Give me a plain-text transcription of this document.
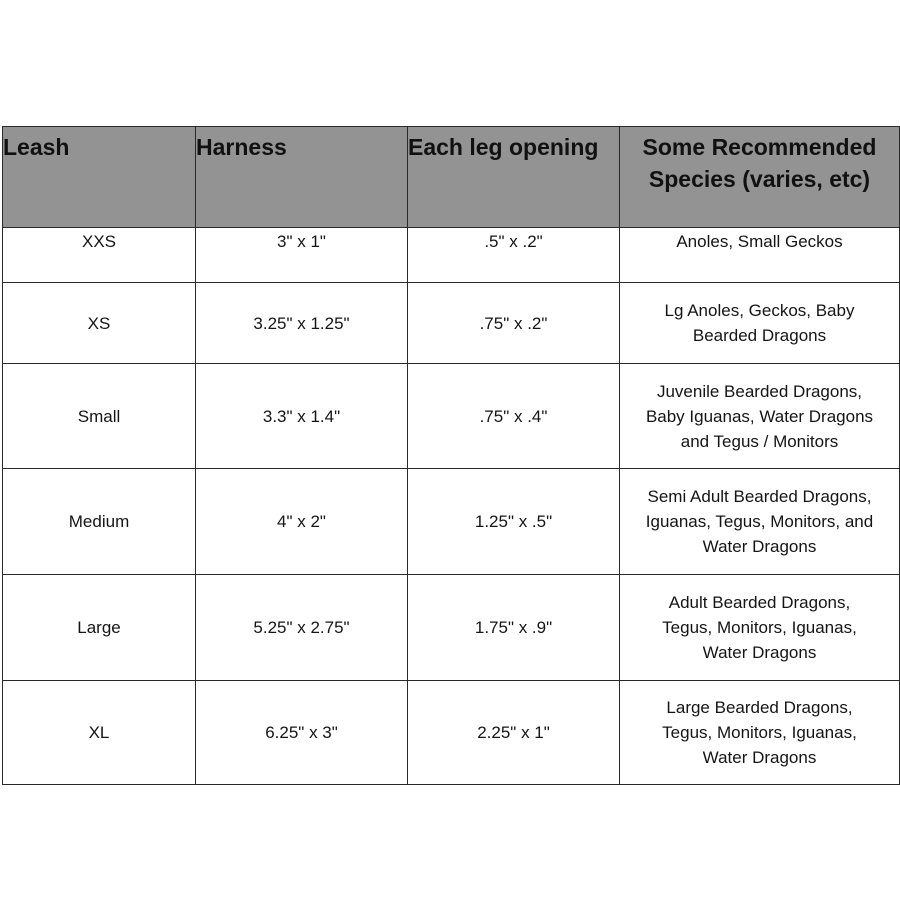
Leash	Harness	Each leg opening	Some Recommended
Species (varies, etc)

XXS	3" x 1"	.5" x .2"	Anoles, Small Geckos

XS	3.25" x 1.25"	.75" x .2"	Lg Anoles, Geckos, Baby
Bearded Dragons

Small	3.3" x 1.4"	.75" x .4"	Juvenile Bearded Dragons,
Baby Iguanas, Water Dragons
and Tegus / Monitors

Medium	4" x 2"	1.25" x .5"	Semi Adult Bearded Dragons,
Iguanas, Tegus, Monitors, and
Water Dragons

Large	5.25" x 2.75"	1.75" x .9"	Adult Bearded Dragons,
Tegus, Monitors, Iguanas,
Water Dragons

XL	6.25" x 3"	2.25" x 1"	Large Bearded Dragons,
Tegus, Monitors, Iguanas,
Water Dragons
